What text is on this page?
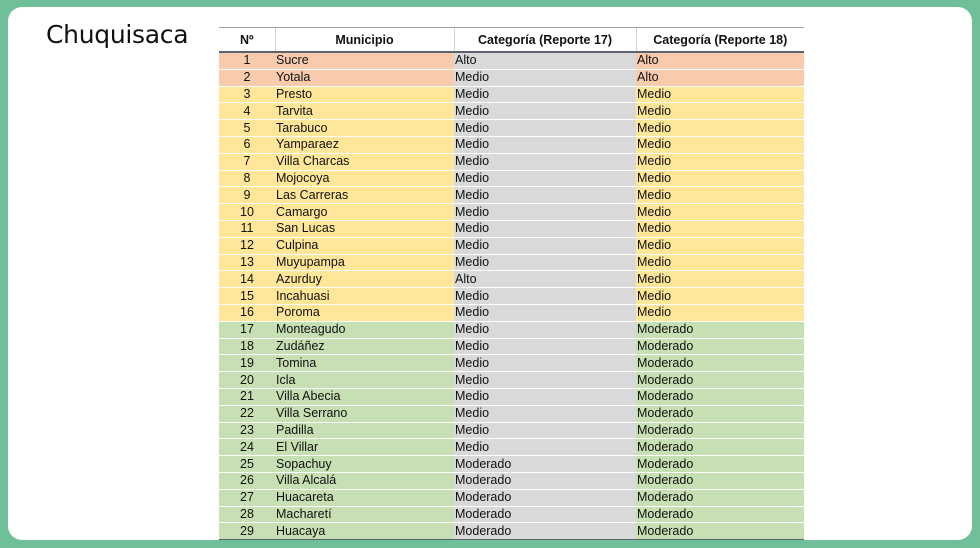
Chuquisaca	Nº	Municipio	Categoría (Reporte 17)	Categoría (Reporte 18)
1	Sucre	Alto	Alto
2	Yotala	Medio	Alto
3	Presto	Medio	Medio
4	Tarvita	Medio	Medio
5	Tarabuco	Medio	Medio
6	Yamparaez	Medio	Medio
7	Villa Charcas	Medio	Medio
8	Mojocoya	Medio	Medio
9	Las Carreras	Medio	Medio
10	Camargo	Medio	Medio
11	San Lucas	Medio	Medio
12	Culpina	Medio	Medio
13	Muyupampa	Medio	Medio
14	Azurduy	Alto	Medio
15	Incahuasi	Medio	Medio
16	Poroma	Medio	Medio
17	Monteagudo	Medio	Moderado
18	Zudáñez	Medio	Moderado
19	Tomina	Medio	Moderado
20	Icla	Medio	Moderado
21	Villa Abecia	Medio	Moderado
22	Villa Serrano	Medio	Moderado
23	Padilla	Medio	Moderado
24	El Villar	Medio	Moderado
25	Sopachuy	Moderado	Moderado
26	Villa Alcalá	Moderado	Moderado
27	Huacareta	Moderado	Moderado
28	Macharetí	Moderado	Moderado
29	Huacaya	Moderado	Moderado
